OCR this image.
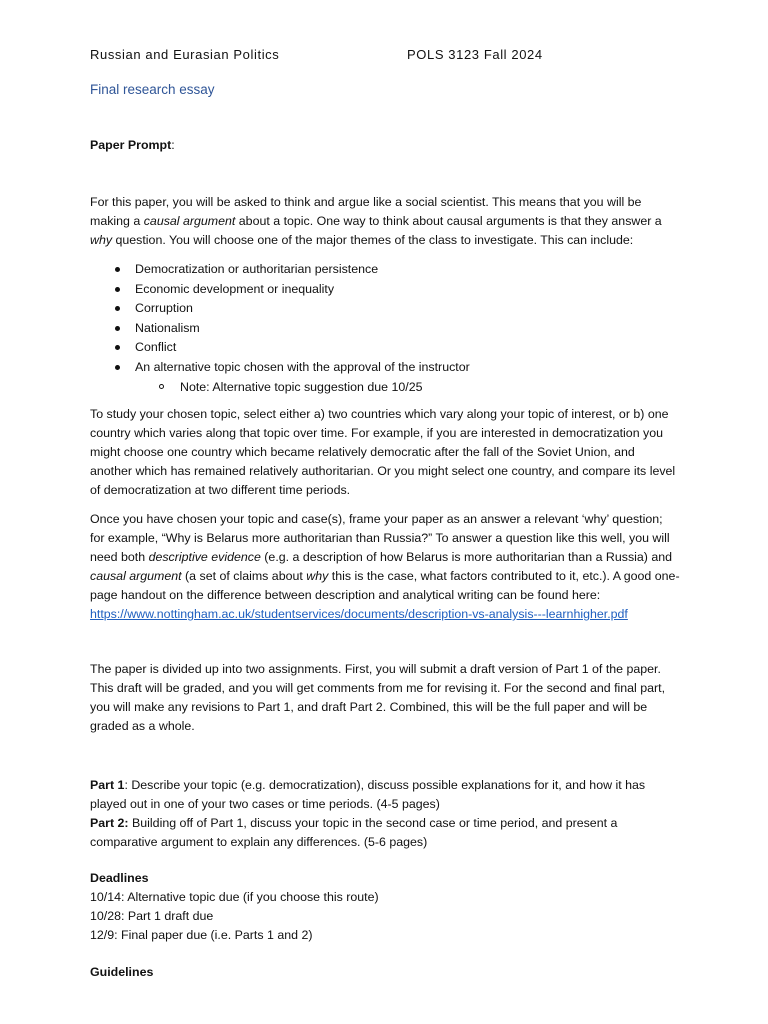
Russian and Eurasian Politics	POLS 3123 Fall 2024
Final research essay
Paper Prompt:

For this paper, you will be asked to think and argue like a social scientist. This means that you will be making a causal argument about a topic. One way to think about causal arguments is that they answer a why question. You will choose one of the major themes of the class to investigate. This can include:

Democratization or authoritarian persistence
Economic development or inequality
Corruption
Nationalism
Conflict
An alternative topic chosen with the approval of the instructor
Note: Alternative topic suggestion due 10/25

To study your chosen topic, select either a) two countries which vary along your topic of interest, or b) one country which varies along that topic over time. For example, if you are interested in democratization you might choose one country which became relatively democratic after the fall of the Soviet Union, and another which has remained relatively authoritarian. Or you might select one country, and compare its level of democratization at two different time periods.

Once you have chosen your topic and case(s), frame your paper as an answer a relevant ‘why’ question; for example, “Why is Belarus more authoritarian than Russia?” To answer a question like this well, you will need both descriptive evidence (e.g. a description of how Belarus is more authoritarian than a Russia) and causal argument (a set of claims about why this is the case, what factors contributed to it, etc.). A good one-page handout on the difference between description and analytical writing can be found here: https://www.nottingham.ac.uk/studentservices/documents/description-vs-analysis---learnhigher.pdf

The paper is divided up into two assignments. First, you will submit a draft version of Part 1 of the paper. This draft will be graded, and you will get comments from me for revising it. For the second and final part, you will make any revisions to Part 1, and draft Part 2. Combined, this will be the full paper and will be graded as a whole.

Part 1: Describe your topic (e.g. democratization), discuss possible explanations for it, and how it has played out in one of your two cases or time periods. (4-5 pages)

Part 2: Building off of Part 1, discuss your topic in the second case or time period, and present a comparative argument to explain any differences. (5-6 pages)

Deadlines

10/14: Alternative topic due (if you choose this route)

10/28: Part 1 draft due

12/9: Final paper due (i.e. Parts 1 and 2)

Guidelines
